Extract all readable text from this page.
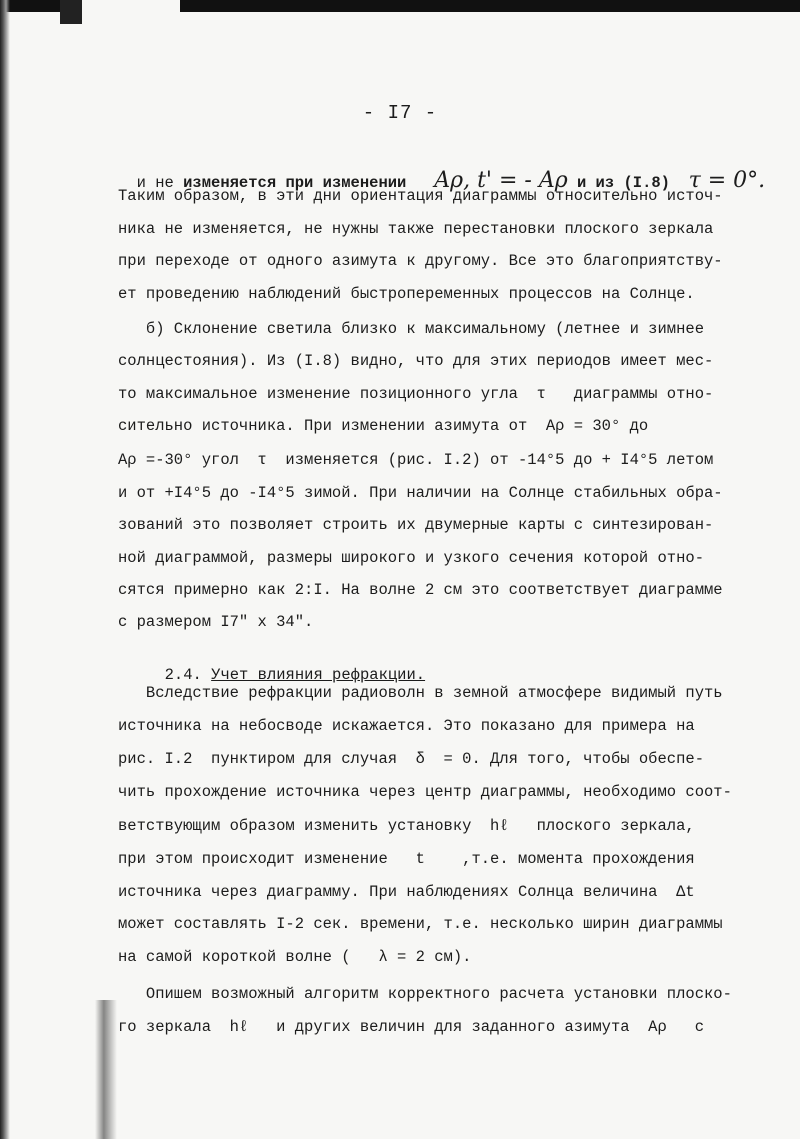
- I7 -

и не изменяется при изменении Aρ, t' = - Aρ и из (I.8)  τ = 0°.

Таким образом, в эти дни ориентация диаграммы относительно источ-
ника не изменяется, не нужны также перестановки плоского зеркала
при переходе от одного азимута к другому. Все это благоприятству-
ет проведению наблюдений быстропеременных процессов на Солнце.
б) Склонение светила близко к максимальному (летнее и зимнее
солнцестояния). Из (I.8) видно, что для этих периодов имеет мес-
то максимальное изменение позиционного угла  τ   диаграммы отно-
сительно источника. При изменении азимута от  Aρ = 30° до
Aρ =-30° угол  τ  изменяется (рис. I.2) от -14°5 до + I4°5 летом
и от +I4°5 до -I4°5 зимой. При наличии на Солнце стабильных обра-
зований это позволяет строить их двумерные карты с синтезирован-
ной диаграммой, размеры широкого и узкого сечения которой отно-
сятся примерно как 2:I. На волне 2 см это соответствует диаграмме
с размером I7" x 34".

2.4. Учет влияния рефракции.

Вследствие рефракции радиоволн в земной атмосфере видимый путь
источника на небосводе искажается. Это показано для примера на
рис. I.2  пунктиром для случая  δ  = 0. Для того, чтобы обеспе-
чить прохождение источника через центр диаграммы, необходимо соот-
ветствующим образом изменить установку  hℓ   плоского зеркала,
при этом происходит изменение   t    ,т.е. момента прохождения
источника через диаграмму. При наблюдениях Солнца величина  Δt
может составлять I-2 сек. времени, т.е. несколько ширин диаграммы
на самой короткой волне (   λ = 2 см).
Опишем возможный алгоритм корректного расчета установки плоско-
го зеркала  hℓ   и других величин для заданного азимута  Aρ   с
